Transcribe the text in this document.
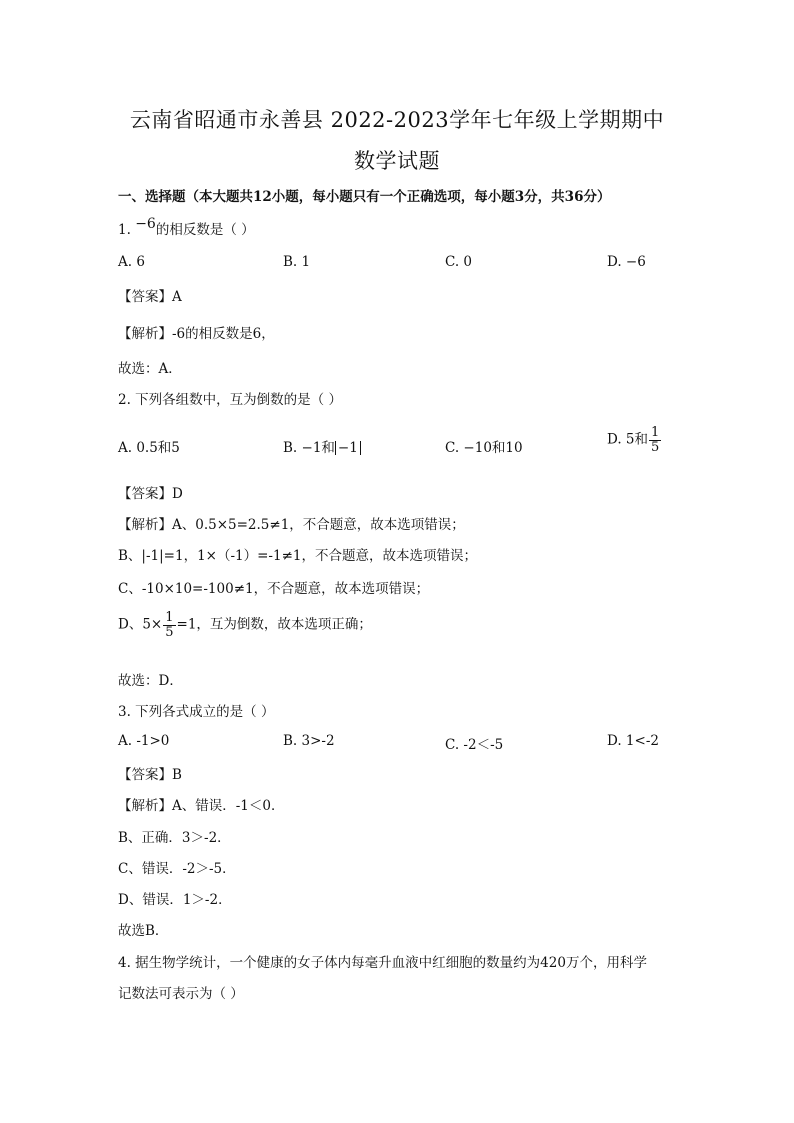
云南省昭通市永善县 2022-2023学年七年级上学期期中
数学试题
一、选择题（本大题共12小题，每小题只有一个正确选项，每小题3分，共36分）
1. −6的相反数是（ ）
A. 6	B. 1	C. 0	D. −6
【答案】A
【解析】-6的相反数是6，
故选：A．
2. 下列各组数中，互为倒数的是（ ）
A. 0.5和5	B. −1和 −1	C. −10和10
D. 5和 $\frac{1}{5}$
【答案】D
【解析】A、0.5×5=2.5≠1，不合题意，故本选项错误；
B、|-1|=1，1×（-1）=-1≠1，不合题意，故本选项错误；
C、-10×10=-100≠1，不合题意，故本选项错误；
D、$5\times \frac{1}{5} =1$，互为倒数，故本选项正确；
故选：D．
3. 下列各式成立的是（ ）
A. -1>0	B. 3>-2	C. -2＜-5	D. 1<-2
【答案】B
【解析】A、错误．-1＜0．
B、正确．3＞-2．
C、错误．-2＞-5．
D、错误．1＞-2．
故选B．
4. 据生物学统计，一个健康的女子体内每毫升血液中红细胞的数量约为420万个，用科学
记数法可表示为（ ）
